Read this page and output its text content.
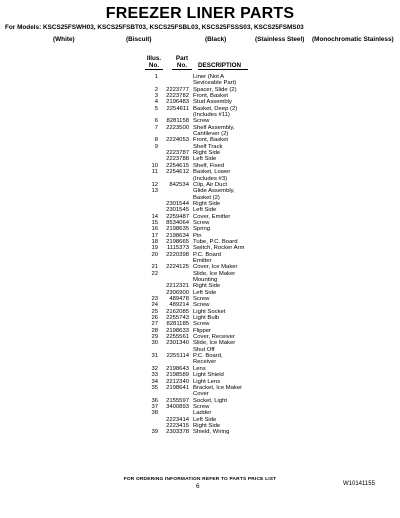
FREEZER LINER PARTS
For Models: KSCS25FSWH03, KSCS25FSBT03, KSCS25FSBL03, KSCS25FSSS03, KSCS25FSMS03
(White)	(Biscuit)	(Black)	(Stainless Steel) (Monochromatic Stainless)
Illus.
No.
Part
No.	DESCRIPTION
1	Liner (Not A
Seviceable Part)
2	2223777 Spacer, Slide (2)
3	2223782 Front, Basket
4	2196483 Stud Assembly
5	2254611 Basket, Deep (2)
(Includes #11)
6	8281158 Screw
7	2223500 Shelf Assembly,
Cantilever (2)
8	2224053 Front, Basket
9	Shelf Track
2223787 Right Side
2223788 Left Side
10	2254615 Shelf, Fixed
11	2254612 Basket, Lower
(Includes #3)
12	842534 Clip, Air Duct
13	Glide Assembly,
Basket (2)
2301544 Right Side
2301545 Left Side
14	2259487 Cover, Emitter
15	8534064 Screw
16	2198635 Spring
17	2198634 Pin
18	2198665 Tube, P.C. Board
19	1115373 Switch, Rocker Arm
20	2220398 P.C. Board
Emitter
21	2224125 Cover, Ice Maker
22	Slide, Ice Maker
Mounting
2212321 Right Side
2306900 Left Side
23	489478 Screw
24	489214 Screw
25	2162085 Light Socket
26	2255743 Light Bulb
27	8281185 Screw
28	2198633 Flipper
29	2255561 Cover, Receiver
30	2301340 Slide, Ice Maker
Shut Off
31	2255114 P.C. Board,
Receiver
32	2198643 Lens
33	2198589 Light Shield
34	2212340 Light Lens
35	2198641 Bracket, Ice Maker
Cover
36	2155597 Socket, Light
37	3400893 Screw
38	Ladder
2223414 Left Side
2223415 Right Side
39	2303378 Shield, Wiring
FOR ORDERING INFORMATION REFER TO PARTS PRICE LIST
6	W10141155
